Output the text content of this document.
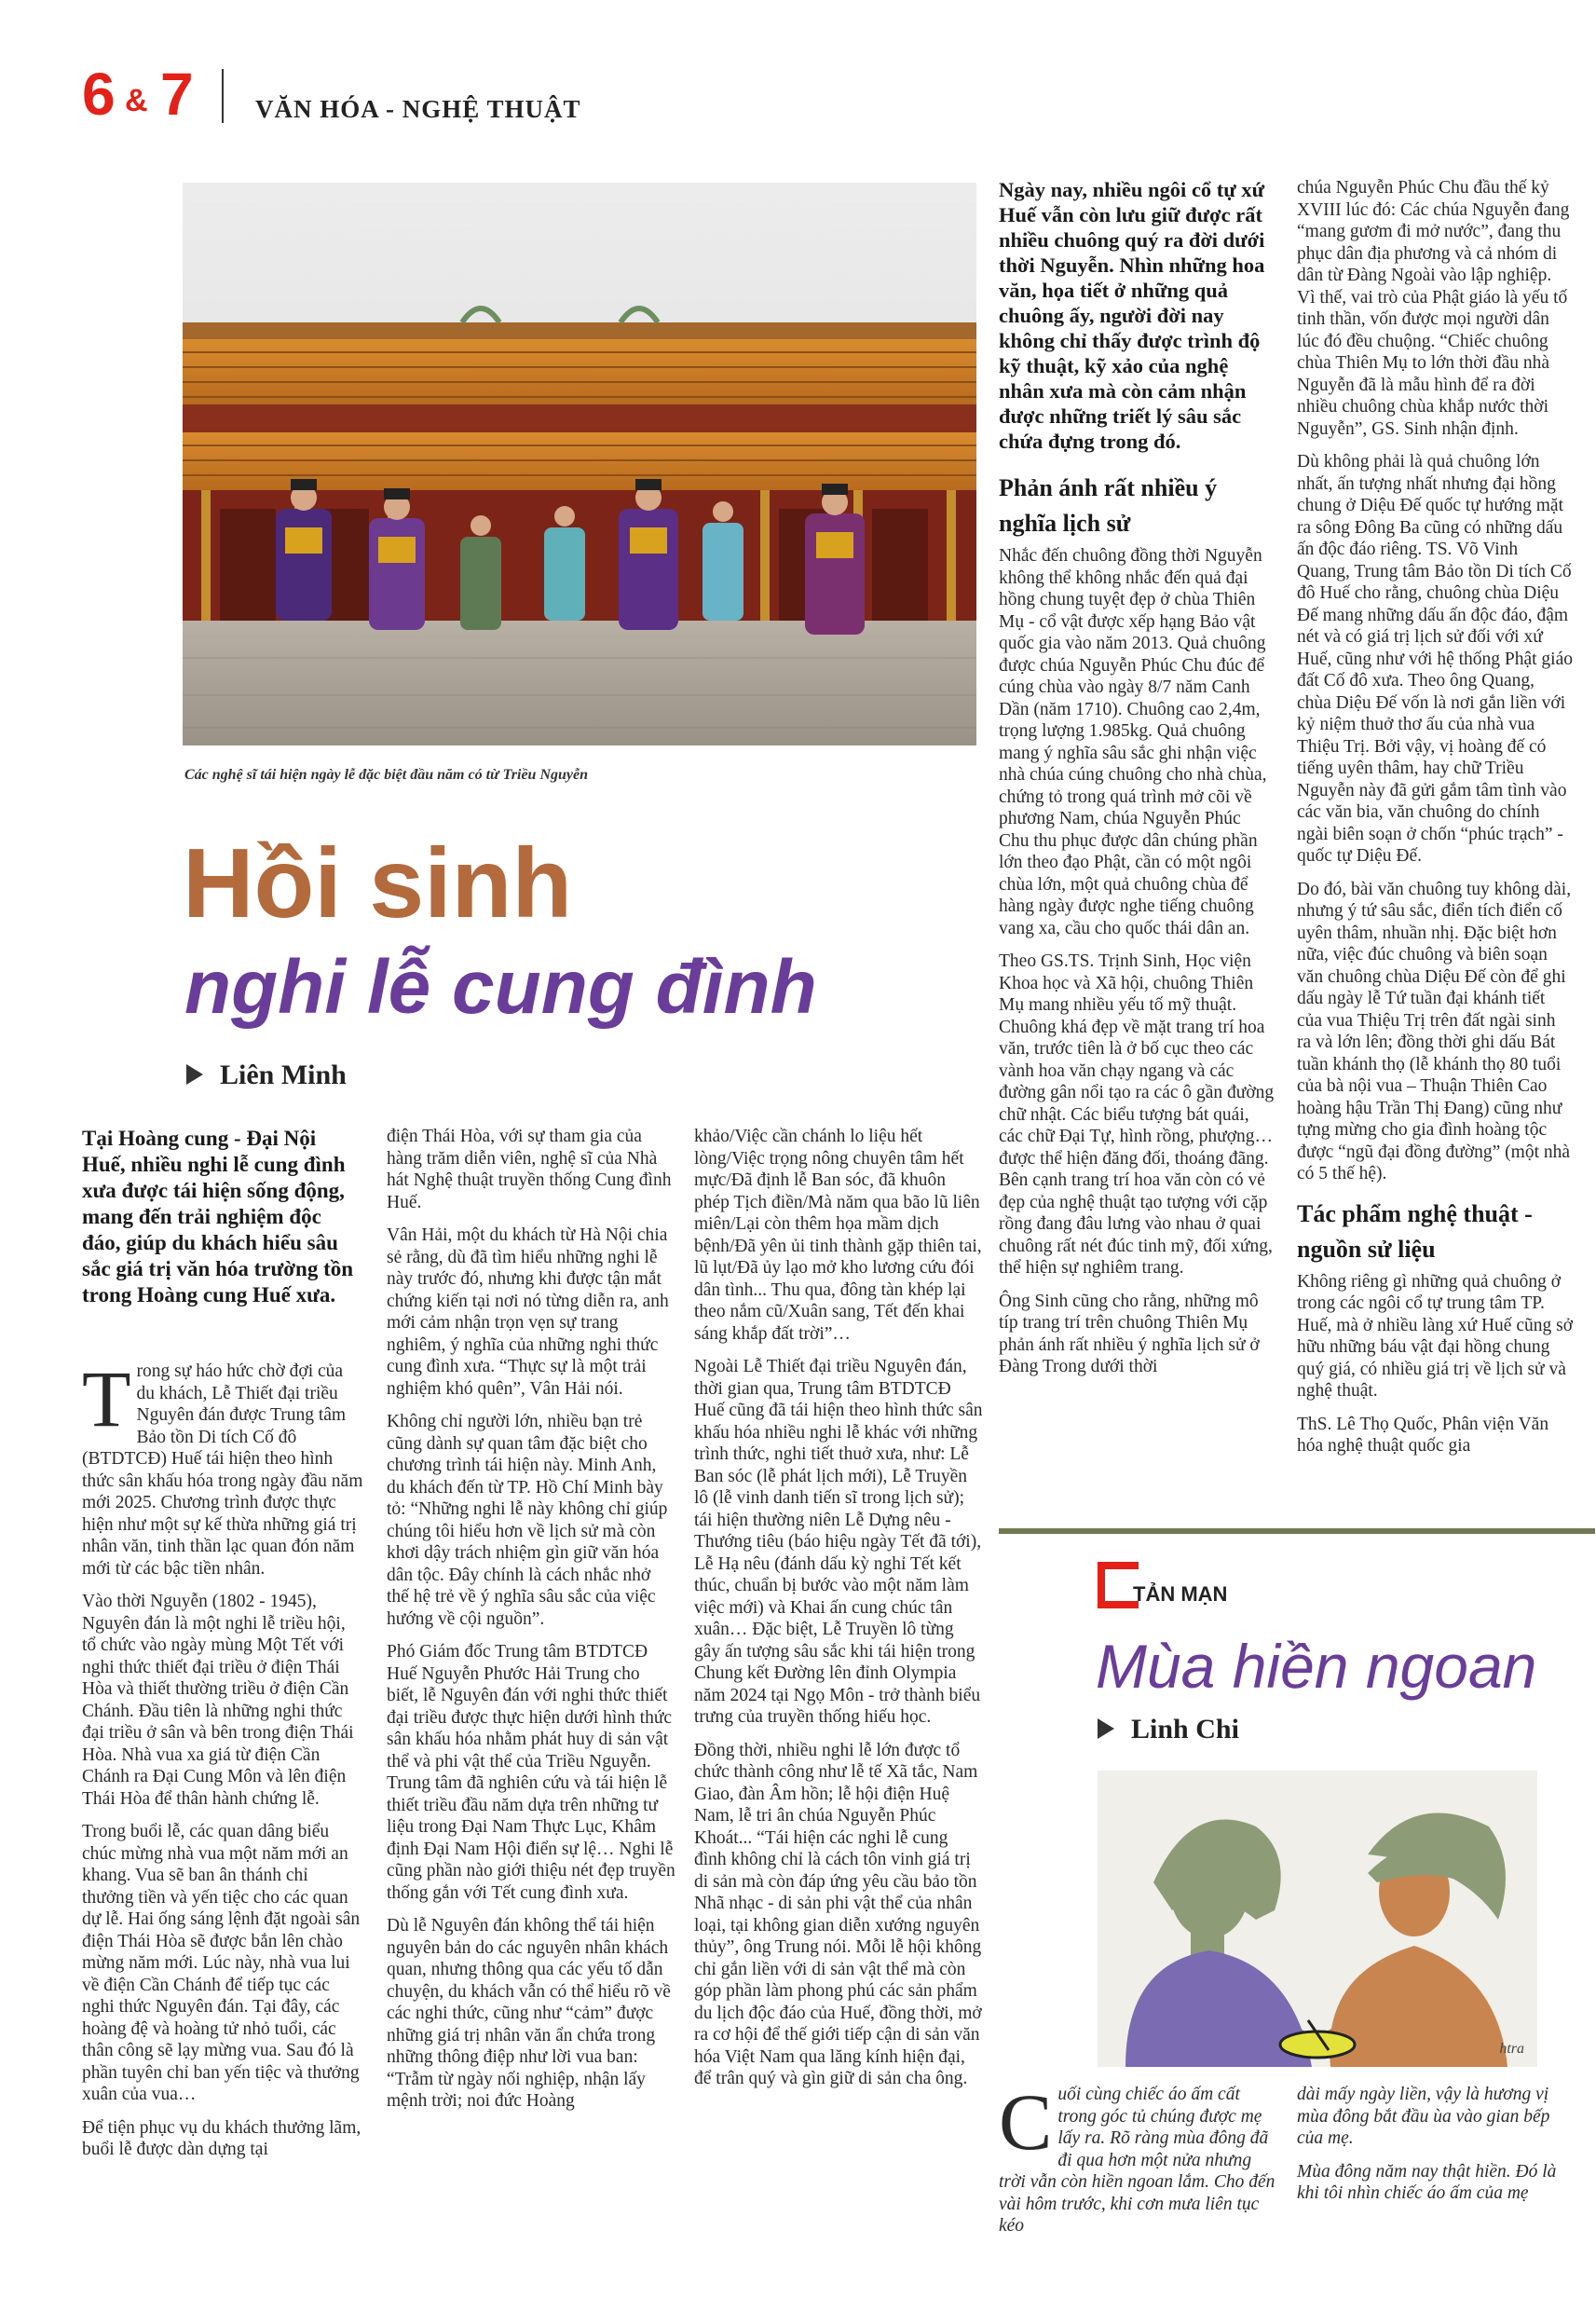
6 & 7 VĂN HÓA - NGHỆ THUẬT
Các nghệ sĩ tái hiện ngày lễ đặc biệt đầu năm có từ Triều Nguyễn
Hồi sinh
nghi lễ cung đình
Liên Minh

Tại Hoàng cung - Đại Nội Huế, nhiều nghi lễ cung đình xưa được tái hiện sống động, mang đến trải nghiệm độc đáo, giúp du khách hiểu sâu sắc giá trị văn hóa trường tồn trong Hoàng cung Huế xưa.

Trong sự háo hức chờ đợi của du khách, Lễ Thiết đại triều Nguyên đán được Trung tâm Bảo tồn Di tích Cố đô (BTDTCĐ) Huế tái hiện theo hình thức sân khấu hóa trong ngày đầu năm mới 2025. Chương trình được thực hiện như một sự kế thừa những giá trị nhân văn, tinh thần lạc quan đón năm mới từ các bậc tiền nhân.

Vào thời Nguyễn (1802 - 1945), Nguyên đán là một nghi lễ triều hội, tổ chức vào ngày mùng Một Tết với nghi thức thiết đại triều ở điện Thái Hòa và thiết thường triều ở điện Cần Chánh. Đầu tiên là những nghi thức đại triều ở sân và bên trong điện Thái Hòa. Nhà vua xa giá từ điện Cần Chánh ra Đại Cung Môn và lên điện Thái Hòa để thân hành chứng lễ.

Trong buổi lễ, các quan dâng biểu chúc mừng nhà vua một năm mới an khang. Vua sẽ ban ân thánh chỉ thưởng tiền và yến tiệc cho các quan dự lễ. Hai ống sáng lệnh đặt ngoài sân điện Thái Hòa sẽ được bắn lên chào mừng năm mới. Lúc này, nhà vua lui về điện Cần Chánh để tiếp tục các nghi thức Nguyên đán. Tại đây, các hoàng đệ và hoàng tử nhỏ tuổi, các thân công sẽ lạy mừng vua. Sau đó là phần tuyên chỉ ban yến tiệc và thưởng xuân của vua…

Để tiện phục vụ du khách thưởng lãm, buổi lễ được dàn dựng tại

điện Thái Hòa, với sự tham gia của hàng trăm diễn viên, nghệ sĩ của Nhà hát Nghệ thuật truyền thống Cung đình Huế.

Vân Hải, một du khách từ Hà Nội chia sẻ rằng, dù đã tìm hiểu những nghi lễ này trước đó, nhưng khi được tận mắt chứng kiến tại nơi nó từng diễn ra, anh mới cảm nhận trọn vẹn sự trang nghiêm, ý nghĩa của những nghi thức cung đình xưa. “Thực sự là một trải nghiệm khó quên”, Vân Hải nói.

Không chỉ người lớn, nhiều bạn trẻ cũng dành sự quan tâm đặc biệt cho chương trình tái hiện này. Minh Anh, du khách đến từ TP. Hồ Chí Minh bày tỏ: “Những nghi lễ này không chỉ giúp chúng tôi hiểu hơn về lịch sử mà còn khơi dậy trách nhiệm gìn giữ văn hóa dân tộc. Đây chính là cách nhắc nhở thế hệ trẻ về ý nghĩa sâu sắc của việc hướng về cội nguồn”.

Phó Giám đốc Trung tâm BTDTCĐ Huế Nguyễn Phước Hải Trung cho biết, lễ Nguyên đán với nghi thức thiết đại triều được thực hiện dưới hình thức sân khấu hóa nhằm phát huy di sản vật thể và phi vật thể của Triều Nguyễn. Trung tâm đã nghiên cứu và tái hiện lễ thiết triều đầu năm dựa trên những tư liệu trong Đại Nam Thực Lục, Khâm định Đại Nam Hội điển sự lệ… Nghi lễ cũng phần nào giới thiệu nét đẹp truyền thống gắn với Tết cung đình xưa.

Dù lễ Nguyên đán không thể tái hiện nguyên bản do các nguyên nhân khách quan, nhưng thông qua các yếu tố dẫn chuyện, du khách vẫn có thể hiểu rõ về các nghi thức, cũng như “cảm” được những giá trị nhân văn ẩn chứa trong những thông điệp như lời vua ban: “Trẫm từ ngày nối nghiệp, nhận lấy mệnh trời; noi đức Hoàng

khảo/Việc cần chánh lo liệu hết lòng/Việc trọng nông chuyên tâm hết mực/Đã định lễ Ban sóc, đã khuôn phép Tịch điền/Mà năm qua bão lũ liên miên/Lại còn thêm họa mầm dịch bệnh/Đã yên ủi tinh thành gặp thiên tai, lũ lụt/Đã ủy lạo mở kho lương cứu đói dân tình... Thu qua, đông tàn khép lại theo nắm cũ/Xuân sang, Tết đến khai sáng khắp đất trời”…

Ngoài Lễ Thiết đại triều Nguyên đán, thời gian qua, Trung tâm BTDTCĐ Huế cũng đã tái hiện theo hình thức sân khấu hóa nhiều nghi lễ khác với những trình thức, nghi tiết thuở xưa, như: Lễ Ban sóc (lễ phát lịch mới), Lễ Truyền lô (lễ vinh danh tiến sĩ trong lịch sử); tái hiện thường niên Lễ Dựng nêu - Thướng tiêu (báo hiệu ngày Tết đã tới), Lễ Hạ nêu (đánh dấu kỳ nghỉ Tết kết thúc, chuẩn bị bước vào một năm làm việc mới) và Khai ấn cung chúc tân xuân… Đặc biệt, Lễ Truyền lô từng gây ấn tượng sâu sắc khi tái hiện trong Chung kết Đường lên đỉnh Olympia năm 2024 tại Ngọ Môn - trở thành biểu trưng của truyền thống hiếu học.

Đồng thời, nhiều nghi lễ lớn được tổ chức thành công như lễ tế Xã tắc, Nam Giao, đàn Âm hồn; lễ hội điện Huệ Nam, lễ tri ân chúa Nguyễn Phúc Khoát... “Tái hiện các nghi lễ cung đình không chỉ là cách tôn vinh giá trị di sản mà còn đáp ứng yêu cầu bảo tồn Nhã nhạc - di sản phi vật thể của nhân loại, tại không gian diễn xướng nguyên thủy”, ông Trung nói. Mỗi lễ hội không chỉ gắn liền với di sản vật thể mà còn góp phần làm phong phú các sản phẩm du lịch độc đáo của Huế, đồng thời, mở ra cơ hội để thế giới tiếp cận di sản văn hóa Việt Nam qua lăng kính hiện đại, để trân quý và gìn giữ di sản cha ông.

Ngày nay, nhiều ngôi cổ tự xứ Huế vẫn còn lưu giữ được rất nhiều chuông quý ra đời dưới thời Nguyễn. Nhìn những hoa văn, họa tiết ở những quả chuông ấy, người đời nay không chỉ thấy được trình độ kỹ thuật, kỹ xảo của nghệ nhân xưa mà còn cảm nhận được những triết lý sâu sắc chứa đựng trong đó.

Phản ánh rất nhiều ý nghĩa lịch sử

Nhắc đến chuông đồng thời Nguyễn không thể không nhắc đến quả đại hồng chung tuyệt đẹp ở chùa Thiên Mụ - cổ vật được xếp hạng Bảo vật quốc gia vào năm 2013. Quả chuông được chúa Nguyễn Phúc Chu đúc để cúng chùa vào ngày 8/7 năm Canh Dần (năm 1710). Chuông cao 2,4m, trọng lượng 1.985kg. Quả chuông mang ý nghĩa sâu sắc ghi nhận việc nhà chúa cúng chuông cho nhà chùa, chứng tỏ trong quá trình mở cõi về phương Nam, chúa Nguyễn Phúc Chu thu phục được dân chúng phần lớn theo đạo Phật, cần có một ngôi chùa lớn, một quả chuông chùa để hàng ngày được nghe tiếng chuông vang xa, cầu cho quốc thái dân an.

Theo GS.TS. Trịnh Sinh, Học viện Khoa học và Xã hội, chuông Thiên Mụ mang nhiều yếu tố mỹ thuật. Chuông khá đẹp về mặt trang trí hoa văn, trước tiên là ở bố cục theo các vành hoa văn chạy ngang và các đường gân nổi tạo ra các ô gần đường chữ nhật. Các biểu tượng bát quái, các chữ Đại Tự, hình rồng, phượng… được thể hiện đăng đối, thoáng đãng. Bên cạnh trang trí hoa văn còn có vẻ đẹp của nghệ thuật tạo tượng với cặp rồng đang đâu lưng vào nhau ở quai chuông rất nét đúc tinh mỹ, đối xứng, thể hiện sự nghiêm trang.

Ông Sinh cũng cho rằng, những mô típ trang trí trên chuông Thiên Mụ phản ánh rất nhiều ý nghĩa lịch sử ở Đàng Trong dưới thời

chúa Nguyễn Phúc Chu đầu thế kỷ XVIII lúc đó: Các chúa Nguyễn đang “mang gươm đi mở nước”, đang thu phục dân địa phương và cả nhóm di dân từ Đàng Ngoài vào lập nghiệp. Vì thế, vai trò của Phật giáo là yếu tố tinh thần, vốn được mọi người dân lúc đó đều chuộng. “Chiếc chuông chùa Thiên Mụ to lớn thời đầu nhà Nguyễn đã là mẫu hình để ra đời nhiều chuông chùa khắp nước thời Nguyễn”, GS. Sinh nhận định.

Dù không phải là quả chuông lớn nhất, ấn tượng nhất nhưng đại hồng chung ở Diệu Đế quốc tự hướng mặt ra sông Đông Ba cũng có những dấu ấn độc đáo riêng. TS. Võ Vinh Quang, Trung tâm Bảo tồn Di tích Cố đô Huế cho rằng, chuông chùa Diệu Đế mang những dấu ấn độc đáo, đậm nét và có giá trị lịch sử đối với xứ Huế, cũng như với hệ thống Phật giáo đất Cố đô xưa. Theo ông Quang, chùa Diệu Đế vốn là nơi gắn liền với kỷ niệm thuở thơ ấu của nhà vua Thiệu Trị. Bởi vậy, vị hoàng đế có tiếng uyên thâm, hay chữ Triều Nguyễn này đã gửi gắm tâm tình vào các văn bia, văn chuông do chính ngài biên soạn ở chốn “phúc trạch” - quốc tự Diệu Đế.

Do đó, bài văn chuông tuy không dài, nhưng ý tứ sâu sắc, điển tích điển cố uyên thâm, nhuần nhị. Đặc biệt hơn nữa, việc đúc chuông và biên soạn văn chuông chùa Diệu Đế còn để ghi dấu ngày lễ Tứ tuần đại khánh tiết của vua Thiệu Trị trên đất ngài sinh ra và lớn lên; đồng thời ghi dấu Bát tuần khánh thọ (lễ khánh thọ 80 tuổi của bà nội vua – Thuận Thiên Cao hoàng hậu Trần Thị Đang) cũng như tựng mừng cho gia đình hoàng tộc được “ngũ đại đồng đường” (một nhà có 5 thế hệ).

Tác phẩm nghệ thuật - nguồn sử liệu

Không riêng gì những quả chuông ở trong các ngôi cổ tự trung tâm TP. Huế, mà ở nhiều làng xứ Huế cũng sở hữu những báu vật đại hồng chung quý giá, có nhiều giá trị về lịch sử và nghệ thuật.

ThS. Lê Thọ Quốc, Phân viện Văn hóa nghệ thuật quốc gia

TẢN MẠN
Mùa hiền ngoan
Linh Chi
htra

Cuối cùng chiếc áo ấm cất trong góc tủ chúng được mẹ lấy ra. Rõ ràng mùa đông đã đi qua hơn một nửa nhưng trời vẫn còn hiền ngoan lắm. Cho đến vài hôm trước, khi cơn mưa liên tục kéo

dài mấy ngày liền, vậy là hương vị mùa đông bắt đầu ùa vào gian bếp của mẹ.

Mùa đông năm nay thật hiền. Đó là khi tôi nhìn chiếc áo ấm của mẹ
